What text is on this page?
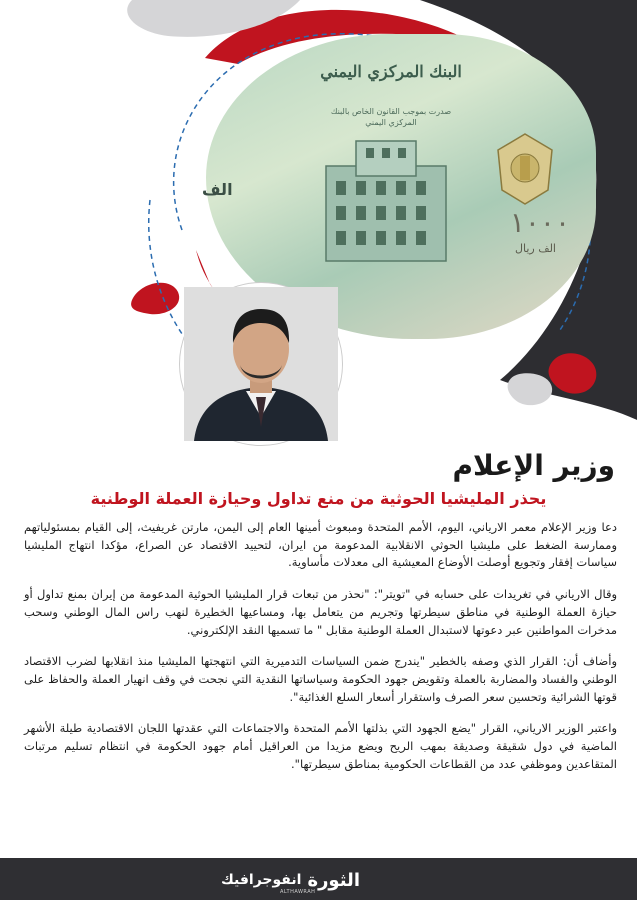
البنك المركزي اليمني
صدرت بموجب القانون الخاص بالبنك المركزي اليمني
الف
١٠٠٠
الف ريال
وزير الإعلام
يحذر المليشيا الحوثية من منع تداول وحيازة العملة الوطنية

دعا وزير الإعلام معمر الارياني، اليوم، الأمم المتحدة ومبعوث أمينها العام إلى اليمن، مارتن غريفيث، إلى القيام بمسئولياتهم وممارسة الضغط على مليشيا الحوثي الانقلابية المدعومة من ايران، لتحييد الاقتصاد عن الصراع، مؤكدا انتهاج المليشيا سياسات إفقار وتجويع أوصلت الأوضاع المعيشية الى معدلات مأساوية.

وقال الارياني في تغريدات على حسابه في "تويتر": "نحذر من تبعات قرار المليشيا الحوثية المدعومة من إيران بمنع تداول أو حيازة العملة الوطنية في مناطق سيطرتها وتجريم من يتعامل بها، ومساعيها الخطيرة لنهب راس المال الوطني وسحب مدخرات المواطنين عبر دعوتها لاستبدال العملة الوطنية مقابل " ما تسميها النقد الإلكتروني.

وأضاف أن: القرار الذي وصفه بالخطير "يندرج ضمن السياسات التدميرية التي انتهجتها المليشيا منذ انقلابها لضرب الاقتصاد الوطني والفساد والمضاربة بالعملة وتقويض جهود الحكومة وسياساتها النقدية التي نجحت في وقف انهيار العملة والحفاظ على قوتها الشرائية وتحسين سعر الصرف واستقرار أسعار السلع الغذائية".

واعتبر الوزير الارياني، القرار "يضع الجهود التي بذلتها الأمم المتحدة والاجتماعات التي عقدتها اللجان الاقتصادية طيلة الأشهر الماضية في دول شقيقة وصديقة بمهب الريح ويضع مزيدا من العراقيل أمام جهود الحكومة في انتظام تسليم مرتبات المتقاعدين وموظفي عدد من القطاعات الحكومية بمناطق سيطرتها".

الثورة
انفوجرافيك
ALTHAWRAH
